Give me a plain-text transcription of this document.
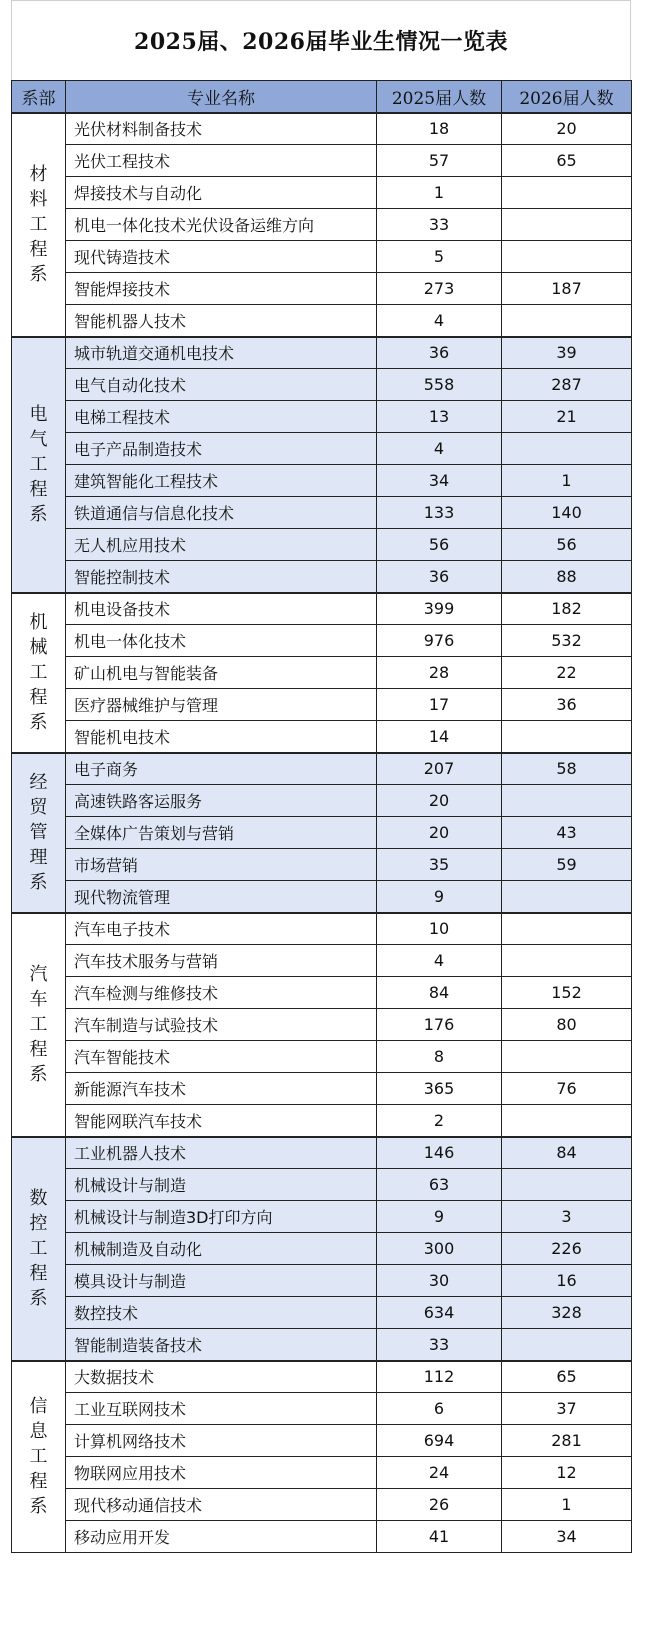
2025届、2026届毕业生情况一览表
系部	专业名称	2025届人数	2026届人数

材料工程系	光伏材料制备技术	18	20
	光伏工程技术	57	65
	焊接技术与自动化	1	
	机电一体化技术光伏设备运维方向	33	
	现代铸造技术	5	
	智能焊接技术	273	187
	智能机器人技术	4	

电气工程系	城市轨道交通机电技术	36	39
	电气自动化技术	558	287
	电梯工程技术	13	21
	电子产品制造技术	4	
	建筑智能化工程技术	34	1
	铁道通信与信息化技术	133	140
	无人机应用技术	56	56
	智能控制技术	36	88

机械工程系	机电设备技术	399	182
	机电一体化技术	976	532
	矿山机电与智能装备	28	22
	医疗器械维护与管理	17	36
	智能机电技术	14	

经贸管理系	电子商务	207	58
	高速铁路客运服务	20	
	全媒体广告策划与营销	20	43
	市场营销	35	59
	现代物流管理	9	

汽车工程系	汽车电子技术	10	
	汽车技术服务与营销	4	
	汽车检测与维修技术	84	152
	汽车制造与试验技术	176	80
	汽车智能技术	8	
	新能源汽车技术	365	76
	智能网联汽车技术	2	

数控工程系	工业机器人技术	146	84
	机械设计与制造	63	
	机械设计与制造3D打印方向	9	3
	机械制造及自动化	300	226
	模具设计与制造	30	16
	数控技术	634	328
	智能制造装备技术	33	

信息工程系	大数据技术	112	65
	工业互联网技术	6	37
	计算机网络技术	694	281
	物联网应用技术	24	12
	现代移动通信技术	26	1
	移动应用开发	41	34
